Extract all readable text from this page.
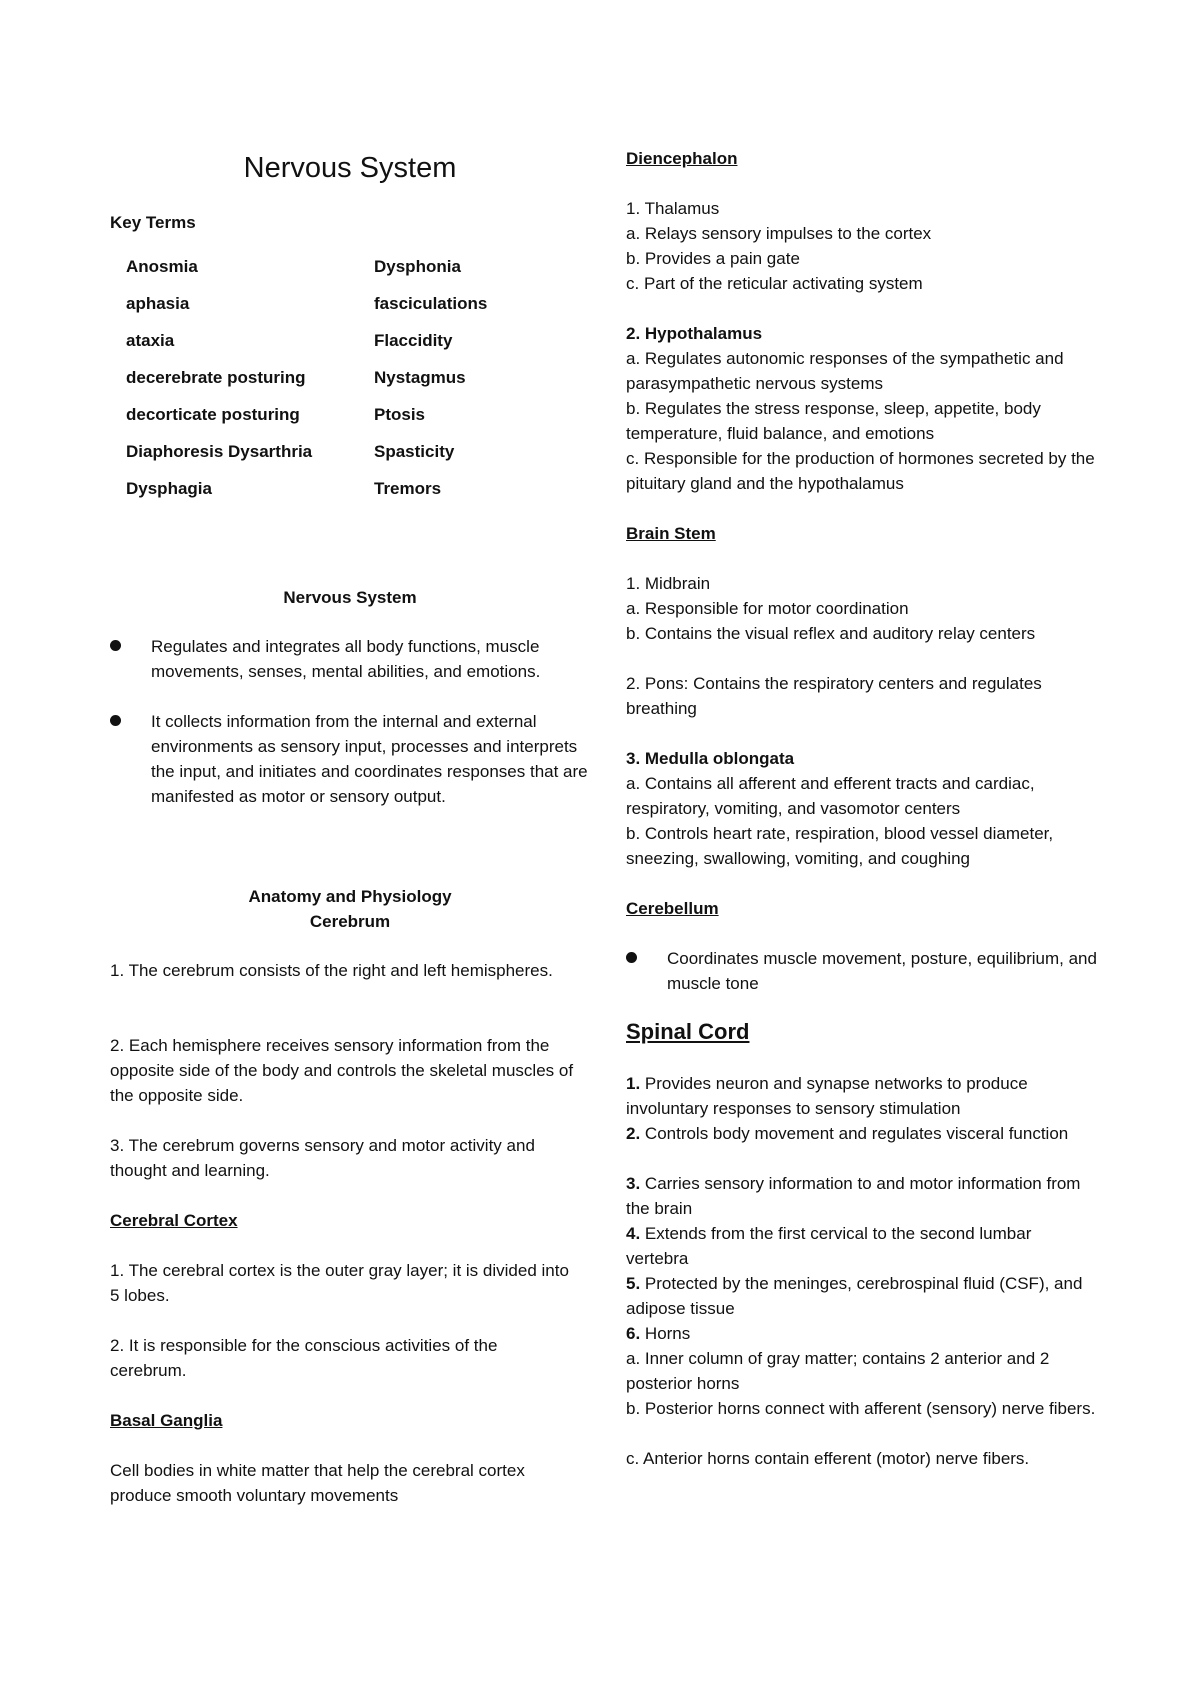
Nervous System

Key Terms

Anosmia
aphasia
ataxia
decerebrate posturing
decorticate posturing
Diaphoresis Dysarthria
Dysphagia
Dysphonia
fasciculations
Flaccidity
Nystagmus
Ptosis
Spasticity
Tremors

Nervous System

Regulates and integrates all body functions, muscle movements, senses, mental abilities, and emotions.

It collects information from the internal and external environments as sensory input, processes and interprets the input, and initiates and coordinates responses that are manifested as motor or sensory output.

Anatomy and Physiology

Cerebrum

1. The cerebrum consists of the right and left hemispheres.

2. Each hemisphere receives sensory information from the opposite side of the body and controls the skeletal muscles of the opposite side.

3. The cerebrum governs sensory and motor activity and thought and learning.

Cerebral Cortex

1. The cerebral cortex is the outer gray layer; it is divided into 5 lobes.

2. It is responsible for the conscious activities of the cerebrum.

Basal Ganglia

Cell bodies in white matter that help the cerebral cortex produce smooth voluntary movements

Diencephalon

1. Thalamus

a. Relays sensory impulses to the cortex

b. Provides a pain gate

c. Part of the reticular activating system

2. Hypothalamus

a. Regulates autonomic responses of the sympathetic and parasympathetic nervous systems

b. Regulates the stress response, sleep, appetite, body temperature, fluid balance, and emotions

c. Responsible for the production of hormones secreted by the pituitary gland and the hypothalamus

Brain Stem

1. Midbrain

a. Responsible for motor coordination

b. Contains the visual reflex and auditory relay centers

2. Pons: Contains the respiratory centers and regulates breathing

3. Medulla oblongata

a. Contains all afferent and efferent tracts and cardiac, respiratory, vomiting, and vasomotor centers

b. Controls heart rate, respiration, blood vessel diameter, sneezing, swallowing, vomiting, and coughing

Cerebellum

Coordinates muscle movement, posture, equilibrium, and muscle tone

Spinal Cord

1. Provides neuron and synapse networks to produce involuntary responses to sensory stimulation

2. Controls body movement and regulates visceral function

3. Carries sensory information to and motor information from the brain

4. Extends from the first cervical to the second lumbar vertebra

5. Protected by the meninges, cerebrospinal fluid (CSF), and adipose tissue

6. Horns

a. Inner column of gray matter; contains 2 anterior and 2 posterior horns

b. Posterior horns connect with afferent (sensory) nerve fibers.

c. Anterior horns contain efferent (motor) nerve fibers.
